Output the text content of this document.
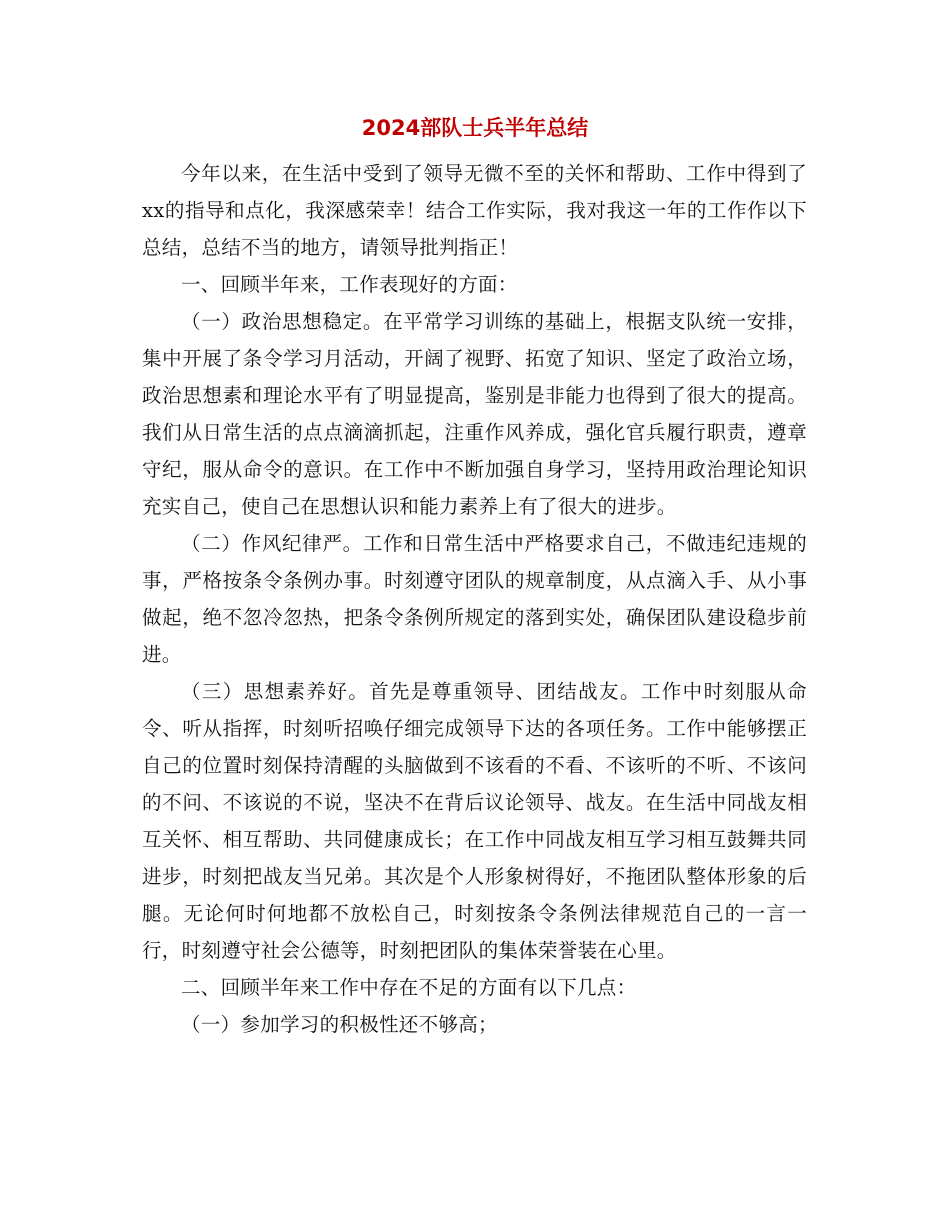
2024部队士兵半年总结

今年以来，在生活中受到了领导无微不至的关怀和帮助、工作中得到了xx的指导和点化，我深感荣幸！结合工作实际，我对我这一年的工作作以下总结，总结不当的地方，请领导批判指正！

一、回顾半年来，工作表现好的方面：

（一）政治思想稳定。在平常学习训练的基础上，根据支队统一安排，集中开展了条令学习月活动，开阔了视野、拓宽了知识、坚定了政治立场，政治思想素和理论水平有了明显提高，鉴别是非能力也得到了很大的提高。我们从日常生活的点点滴滴抓起，注重作风养成，强化官兵履行职责，遵章守纪，服从命令的意识。在工作中不断加强自身学习，坚持用政治理论知识充实自己，使自己在思想认识和能力素养上有了很大的进步。

（二）作风纪律严。工作和日常生活中严格要求自己，不做违纪违规的事，严格按条令条例办事。时刻遵守团队的规章制度，从点滴入手、从小事做起，绝不忽冷忽热，把条令条例所规定的落到实处，确保团队建设稳步前进。

（三）思想素养好。首先是尊重领导、团结战友。工作中时刻服从命令、听从指挥，时刻听招唤仔细完成领导下达的各项任务。工作中能够摆正自己的位置时刻保持清醒的头脑做到不该看的不看、不该听的不听、不该问的不问、不该说的不说，坚决不在背后议论领导、战友。在生活中同战友相互关怀、相互帮助、共同健康成长；在工作中同战友相互学习相互鼓舞共同进步，时刻把战友当兄弟。其次是个人形象树得好，不拖团队整体形象的后腿。无论何时何地都不放松自己，时刻按条令条例法律规范自己的一言一行，时刻遵守社会公德等，时刻把团队的集体荣誉装在心里。

二、回顾半年来工作中存在不足的方面有以下几点：

（一）参加学习的积极性还不够高；
